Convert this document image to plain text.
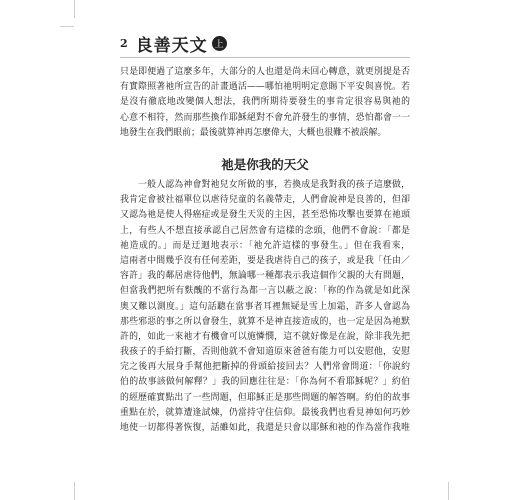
2 良善天文 上
只是即便過了這麼多年，大部分的人也還是尚未回心轉意，就更別提是否
有實際照著祂所宣告的計畫過活——哪怕祂明明定意賜下平安與喜悅。若
是沒有徹底地改變個人想法，我們所期待要發生的事肯定很容易與祂的
心意不相符，然而那些換作耶穌絕對不會允許發生的事情，恐怕都會一一
地發生在我們眼前；最後就算神再怎麼偉大，大概也很難不被誤解。
祂是你我的天父
一般人認為神會對祂兒女所做的事，若換成是我對我的孩子這麼做，
我肯定會被社福單位以虐待兒童的名義帶走，人們會說神是良善的，但卻
又認為祂是使人得癌症或是發生天災的主因，甚至恐怖攻擊也要算在祂頭
上，有些人不想直接承認自己居然會有這樣的念頭，他們不會說：「都是
祂造成的。」而是迂迴地表示：「祂允許這樣的事發生。」但在我看來，
這兩者中間幾乎沒有任何差距，要是我虐待自己的孩子，或是我「任由／
容許」我的鄰居虐待他們，無論哪一種都表示我這個作父親的大有問題，
但當我們把所有麩醜的不當行為都一言以蔽之說：「祢的作為就是如此深
奧又難以測度。」這句話聽在當事者耳裡無疑是雪上加霜，許多人會認為
那些邪惡的事之所以會發生，就算不是神直接造成的，也一定是因為祂默
許的，如此一來祂才有機會可以施憐憫，這不就好像是在說，除非我先把
我孩子的手給打斷，否則他就不會知道原來爸爸有能力可以安慰他，安慰
完之後再大展身手幫他把斷掉的骨頭給接回去？人們常會問道：「你說約
伯的故事該做何解釋？」我的回應往往是：「你為何不看耶穌呢？」約伯
的經歷確實點出了一些問題，但耶穌正是那些問題的解答啊。約伯的故事
重點在於，就算遭逢試煉，仍當持守住信仰。最後我們也看見神如何巧妙
地使一切都得著恢復，話雖如此，我還是只會以耶穌和祂的作為當作我唯
